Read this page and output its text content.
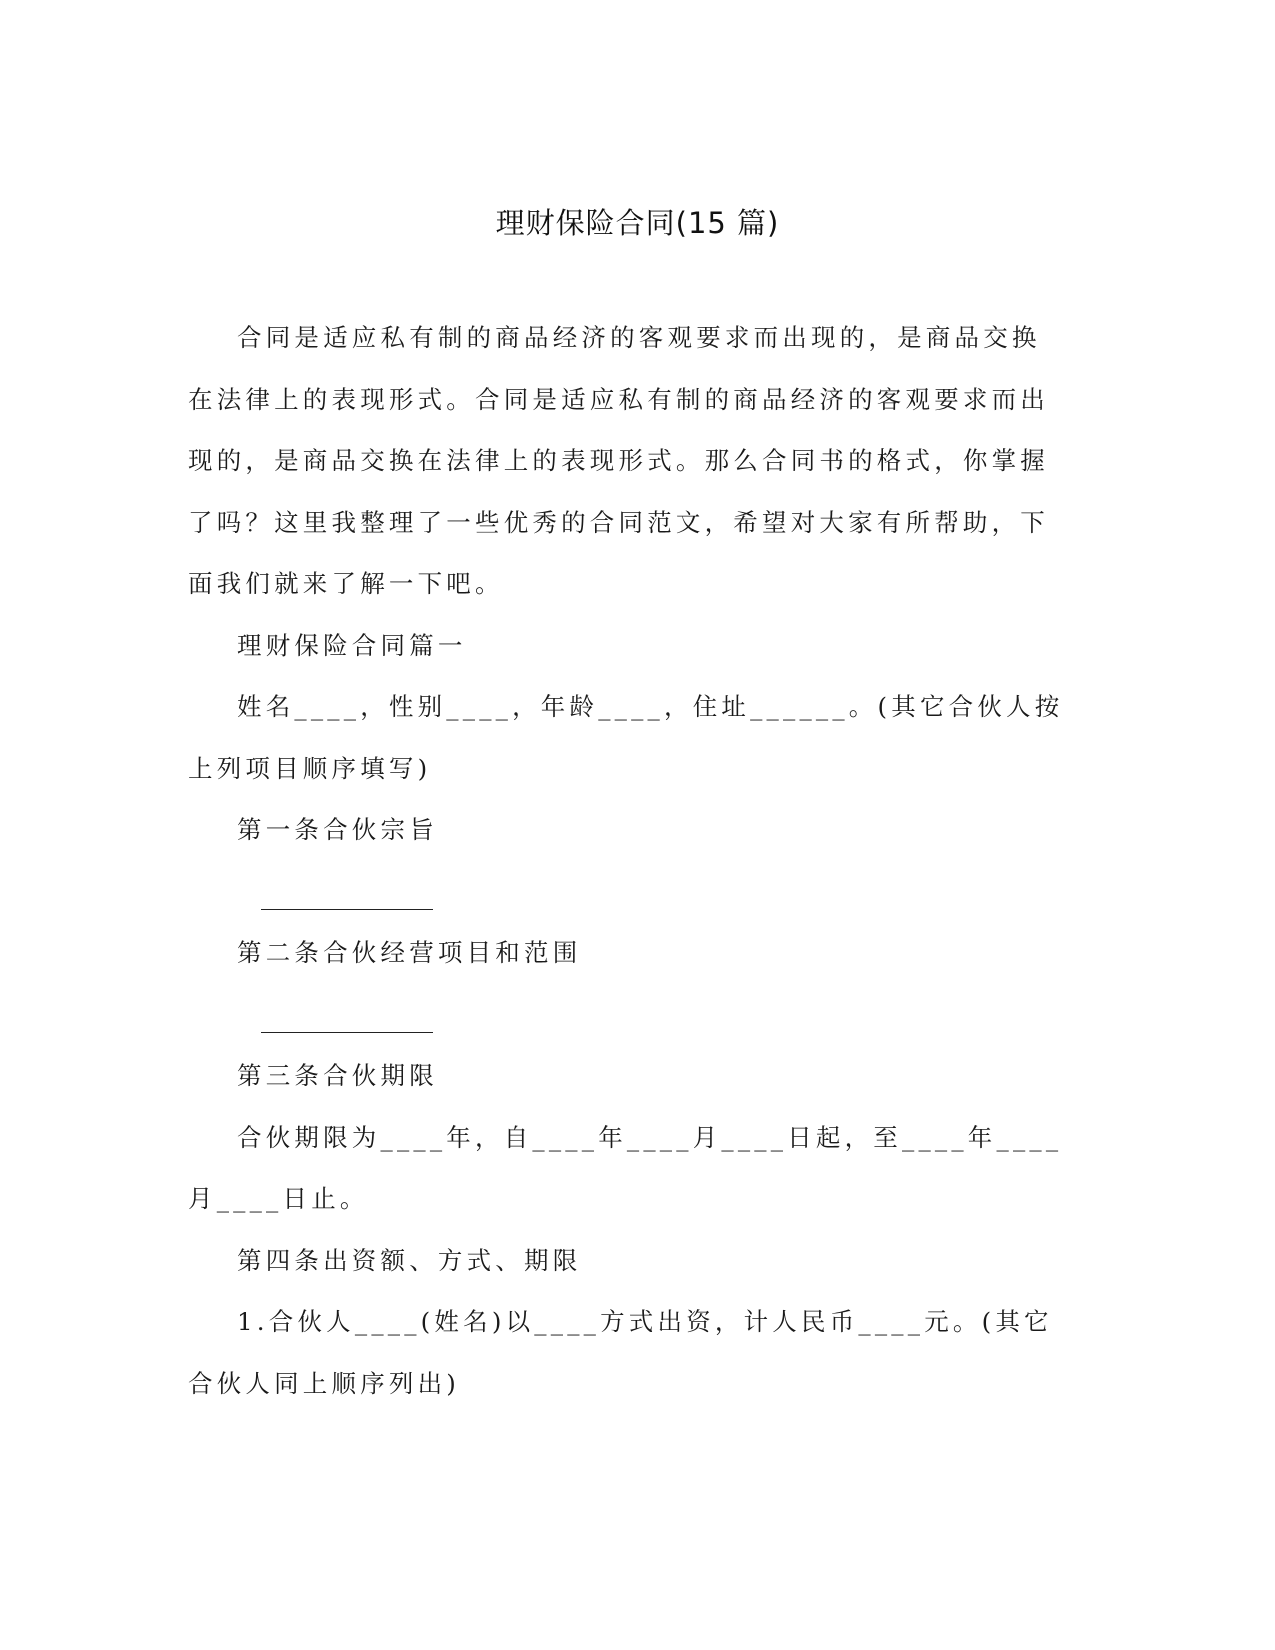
理财保险合同(15 篇)

合同是适应私有制的商品经济的客观要求而出现的，是商品交换在法律上的表现形式。合同是适应私有制的商品经济的客观要求而出现的，是商品交换在法律上的表现形式。那么合同书的格式，你掌握了吗？这里我整理了一些优秀的合同范文，希望对大家有所帮助，下面我们就来了解一下吧。

理财保险合同篇一

姓名____，性别____，年龄____，住址______。(其它合伙人按上列项目顺序填写)

第一条合伙宗旨

第二条合伙经营项目和范围

第三条合伙期限

合伙期限为____年，自____年____月____日起，至____年____月____日止。

第四条出资额、方式、期限

1.合伙人____(姓名)以____方式出资，计人民币____元。(其它合伙人同上顺序列出)
